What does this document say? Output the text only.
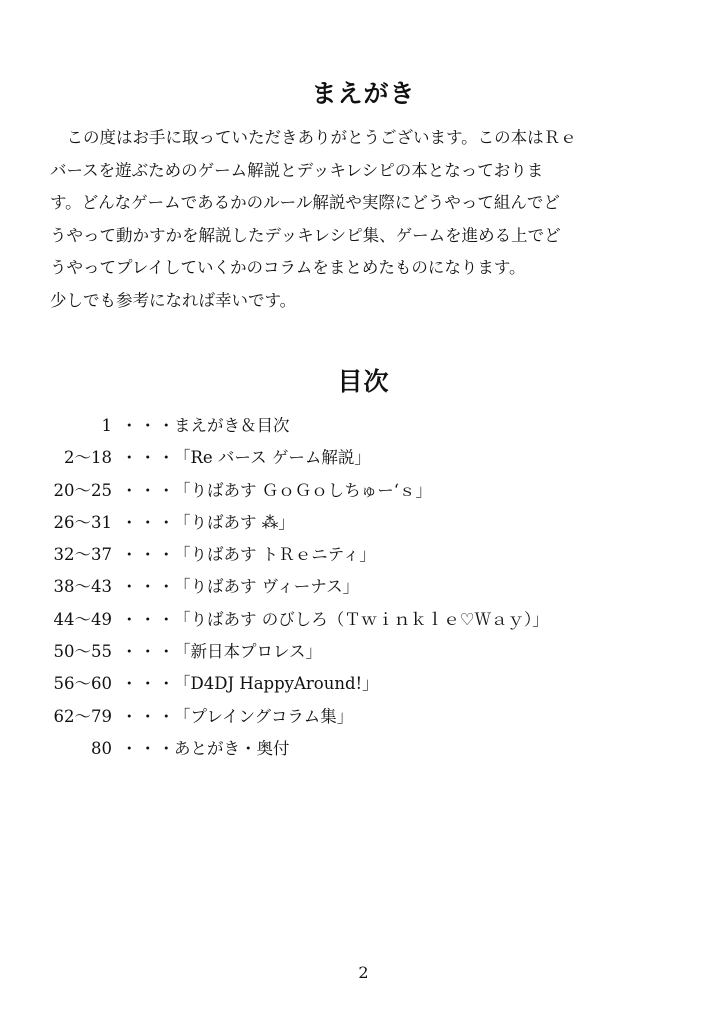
まえがき
　この度はお手に取っていただきありがとうございます。この本はＲｅ
バースを遊ぶためのゲーム解説とデッキレシピの本となっておりま
す。どんなゲームであるかのルール解説や実際にどうやって組んでど
うやって動かすかを解説したデッキレシピ集、ゲームを進める上でど
うやってプレイしていくかのコラムをまとめたものになります。
少しでも参考になれば幸いです。
目次
1 ・・・
まえがき＆目次
2～18 ・・・
「Re バース ゲーム解説」
20～25 ・・・
「りばあす ＧｏＧｏしちゅー‘ｓ」
26～31 ・・・
「りばあす ⁂」
32～37 ・・・
「りばあす トＲｅニティ」
38～43 ・・・
「りばあす ヴィーナス」
44～49 ・・・
「りばあす のびしろ（Ｔｗｉｎｋｌｅ♡Ｗａｙ）」
50～55 ・・・
「新日本プロレス」
56～60 ・・・
「D4DJ HappyAround!」
62～79 ・・・
「プレイングコラム集」
80 ・・・
あとがき・奥付
2
